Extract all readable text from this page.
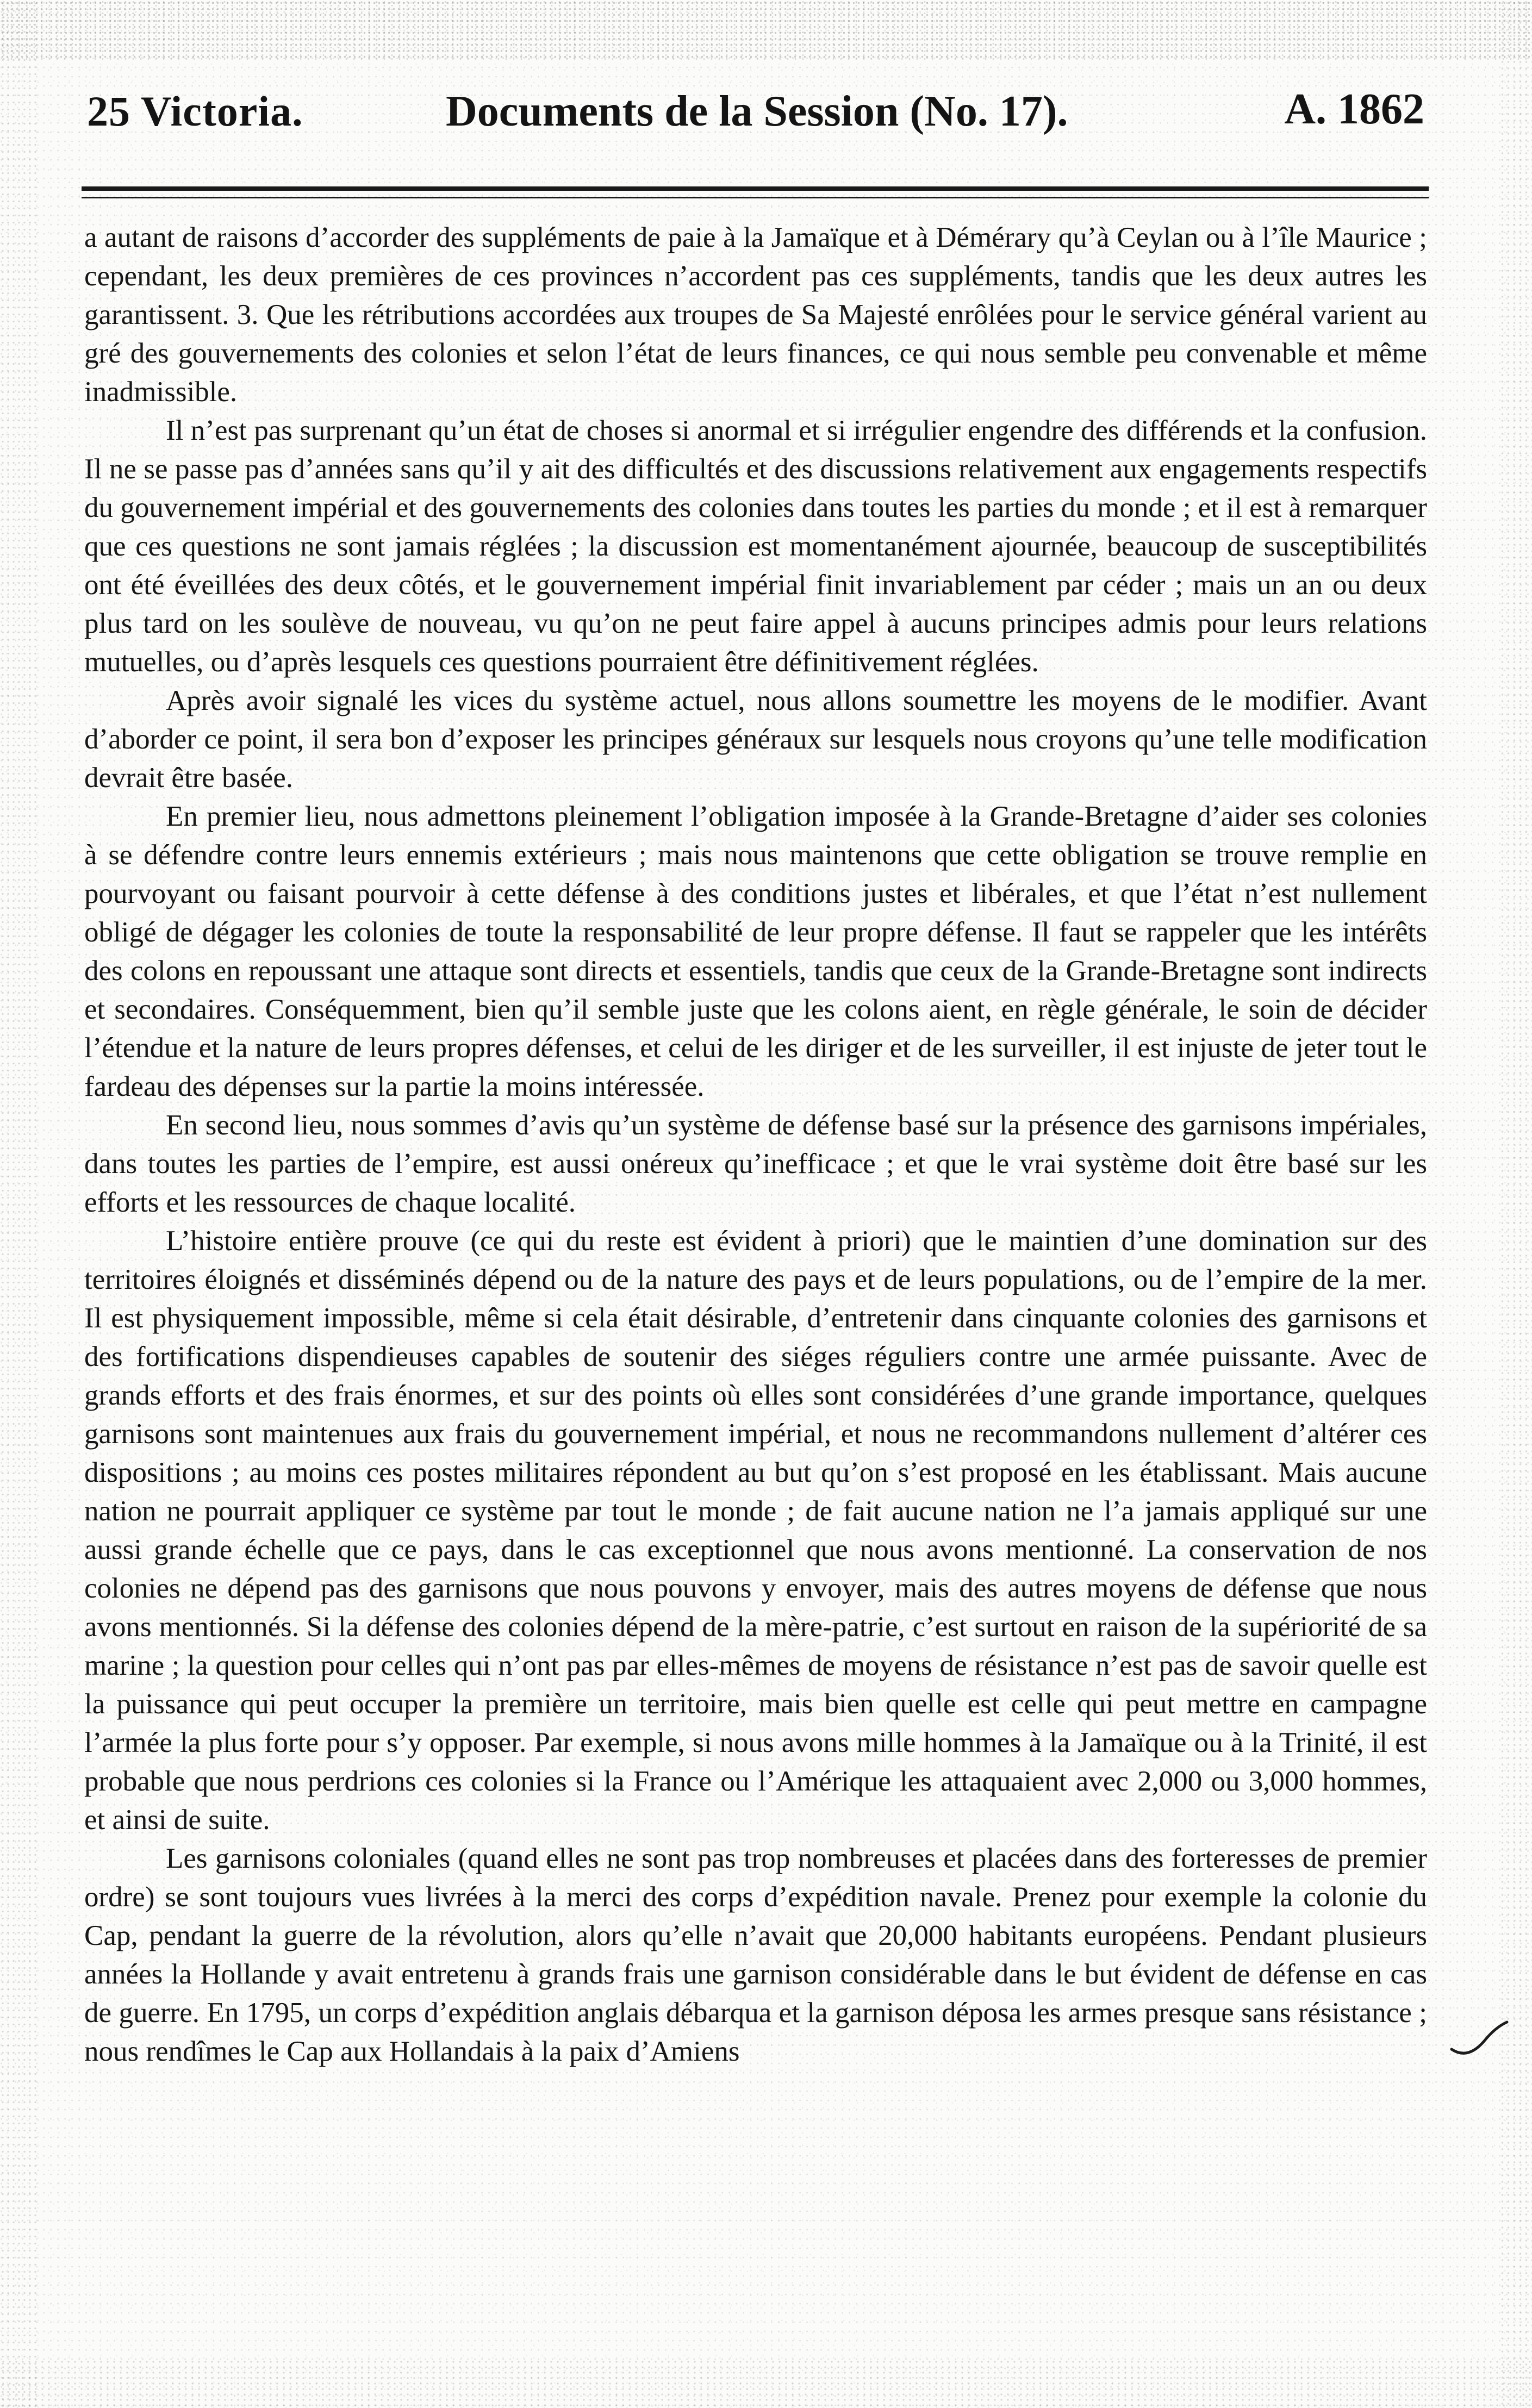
25 Victoria.	Documents de la Session (No. 17).	A. 1862

a autant de raisons d’accorder des suppléments de paie à la Jamaïque et à Démérary qu’à Ceylan ou à l’île Maurice ; cependant, les deux premières de ces provinces n’accordent pas ces suppléments, tandis que les deux autres les garantissent. 3. Que les rétributions accordées aux troupes de Sa Majesté enrôlées pour le service général varient au gré des gouvernements des colonies et selon l’état de leurs finances, ce qui nous semble peu convenable et même inadmissible.

Il n’est pas surprenant qu’un état de choses si anormal et si irrégulier engendre des différends et la confusion. Il ne se passe pas d’années sans qu’il y ait des difficultés et des discussions relativement aux engagements respectifs du gouvernement impérial et des gouvernements des colonies dans toutes les parties du monde ; et il est à remarquer que ces questions ne sont jamais réglées ; la discussion est momentanément ajournée, beaucoup de susceptibilités ont été éveillées des deux côtés, et le gouvernement impérial finit invariablement par céder ; mais un an ou deux plus tard on les soulève de nouveau, vu qu’on ne peut faire appel à aucuns principes admis pour leurs relations mutuelles, ou d’après lesquels ces questions pourraient être définitivement réglées.

Après avoir signalé les vices du système actuel, nous allons soumettre les moyens de le modifier. Avant d’aborder ce point, il sera bon d’exposer les principes généraux sur lesquels nous croyons qu’une telle modification devrait être basée.

En premier lieu, nous admettons pleinement l’obligation imposée à la Grande-Bretagne d’aider ses colonies à se défendre contre leurs ennemis extérieurs ; mais nous maintenons que cette obligation se trouve remplie en pourvoyant ou faisant pourvoir à cette défense à des conditions justes et libérales, et que l’état n’est nullement obligé de dégager les colonies de toute la responsabilité de leur propre défense. Il faut se rappeler que les intérêts des colons en repoussant une attaque sont directs et essentiels, tandis que ceux de la Grande-Bretagne sont indirects et secondaires. Conséquemment, bien qu’il semble juste que les colons aient, en règle générale, le soin de décider l’étendue et la nature de leurs propres défenses, et celui de les diriger et de les surveiller, il est injuste de jeter tout le fardeau des dépenses sur la partie la moins intéressée.

En second lieu, nous sommes d’avis qu’un système de défense basé sur la présence des garnisons impériales, dans toutes les parties de l’empire, est aussi onéreux qu’inefficace ; et que le vrai système doit être basé sur les efforts et les ressources de chaque localité.

L’histoire entière prouve (ce qui du reste est évident à priori) que le maintien d’une domination sur des territoires éloignés et disséminés dépend ou de la nature des pays et de leurs populations, ou de l’empire de la mer. Il est physiquement impossible, même si cela était désirable, d’entretenir dans cinquante colonies des garnisons et des fortifications dispendieuses capables de soutenir des siéges réguliers contre une armée puissante. Avec de grands efforts et des frais énormes, et sur des points où elles sont considérées d’une grande importance, quelques garnisons sont maintenues aux frais du gouvernement impérial, et nous ne recommandons nullement d’altérer ces dispositions ; au moins ces postes militaires répondent au but qu’on s’est proposé en les établissant. Mais aucune nation ne pourrait appliquer ce système par tout le monde ; de fait aucune nation ne l’a jamais appliqué sur une aussi grande échelle que ce pays, dans le cas exceptionnel que nous avons mentionné. La conservation de nos colonies ne dépend pas des garnisons que nous pouvons y envoyer, mais des autres moyens de défense que nous avons mentionnés. Si la défense des colonies dépend de la mère-patrie, c’est surtout en raison de la supériorité de sa marine ; la question pour celles qui n’ont pas par elles-mêmes de moyens de résistance n’est pas de savoir quelle est la puissance qui peut occuper la première un territoire, mais bien quelle est celle qui peut mettre en campagne l’armée la plus forte pour s’y opposer. Par exemple, si nous avons mille hommes à la Jamaïque ou à la Trinité, il est probable que nous perdrions ces colonies si la France ou l’Amérique les attaquaient avec 2,000 ou 3,000 hommes, et ainsi de suite.

Les garnisons coloniales (quand elles ne sont pas trop nombreuses et placées dans des forteresses de premier ordre) se sont toujours vues livrées à la merci des corps d’expédition navale. Prenez pour exemple la colonie du Cap, pendant la guerre de la révolution, alors qu’elle n’avait que 20,000 habitants européens. Pendant plusieurs années la Hollande y avait entretenu à grands frais une garnison considérable dans le but évident de défense en cas de guerre. En 1795, un corps d’expédition anglais débarqua et la garnison déposa les armes presque sans résistance ; nous rendîmes le Cap aux Hollandais à la paix d’Amiens
